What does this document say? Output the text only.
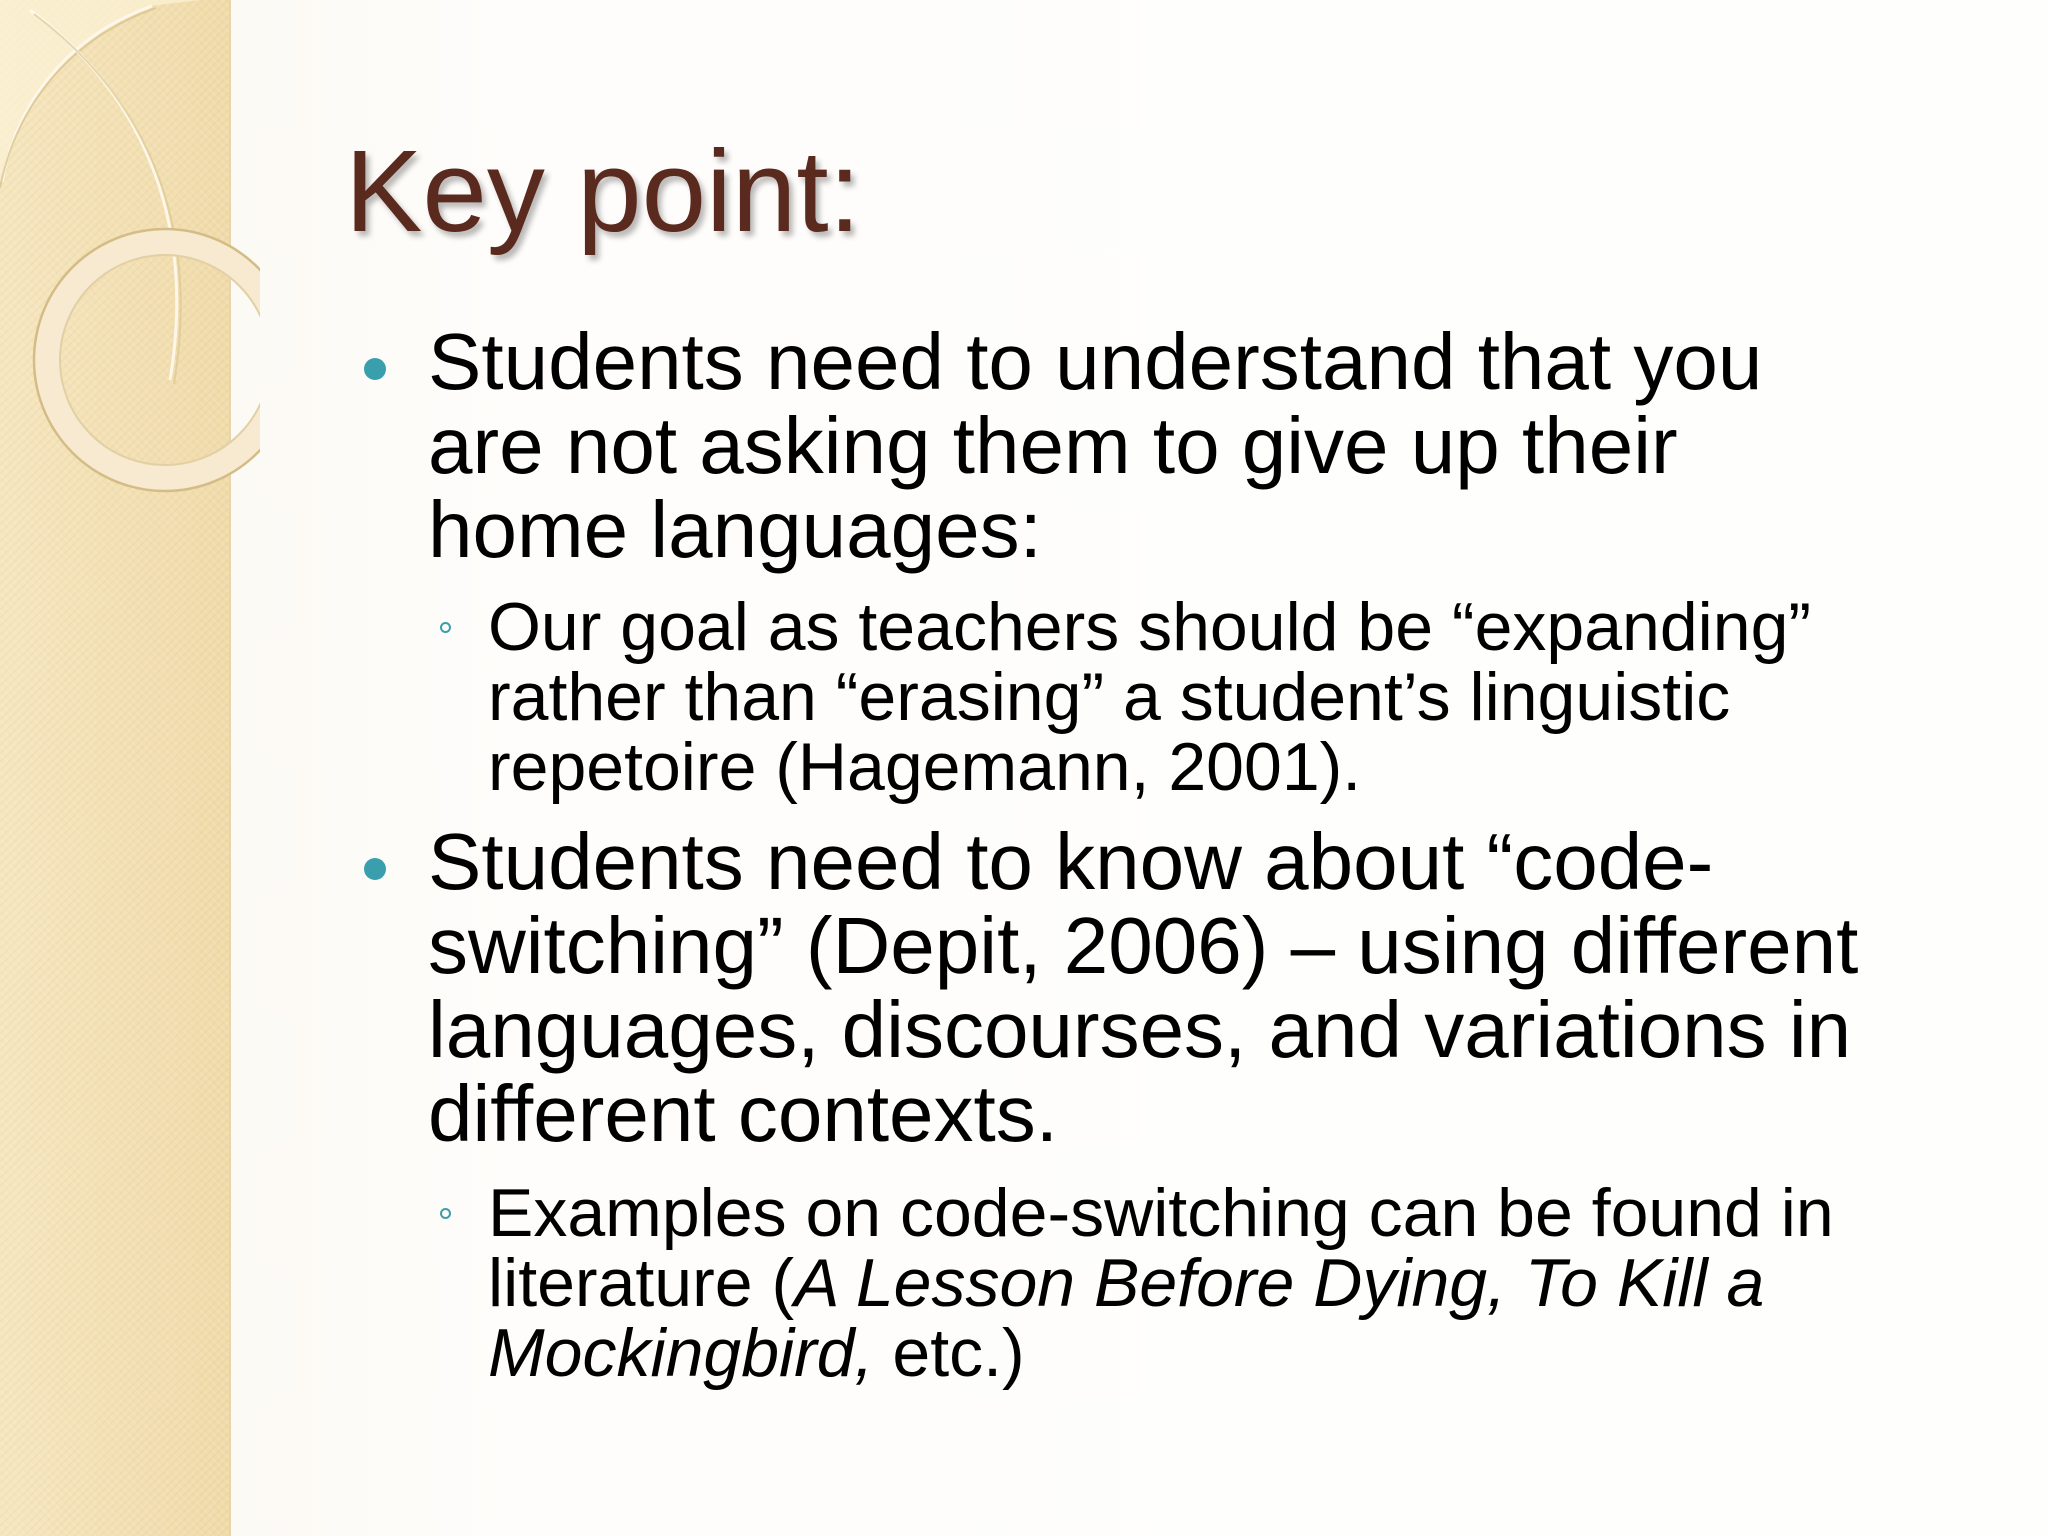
Key point:
Students need to understand that you
are not asking them to give up their
home languages:
Our goal as teachers should be “expanding”
rather than “erasing” a student’s linguistic
repetoire (Hagemann, 2001).
Students need to know about “code-
switching” (Depit, 2006) – using different
languages, discourses, and variations in
different contexts.
Examples on code-switching can be found in
literature (A Lesson Before Dying, To Kill a
Mockingbird, etc.)
